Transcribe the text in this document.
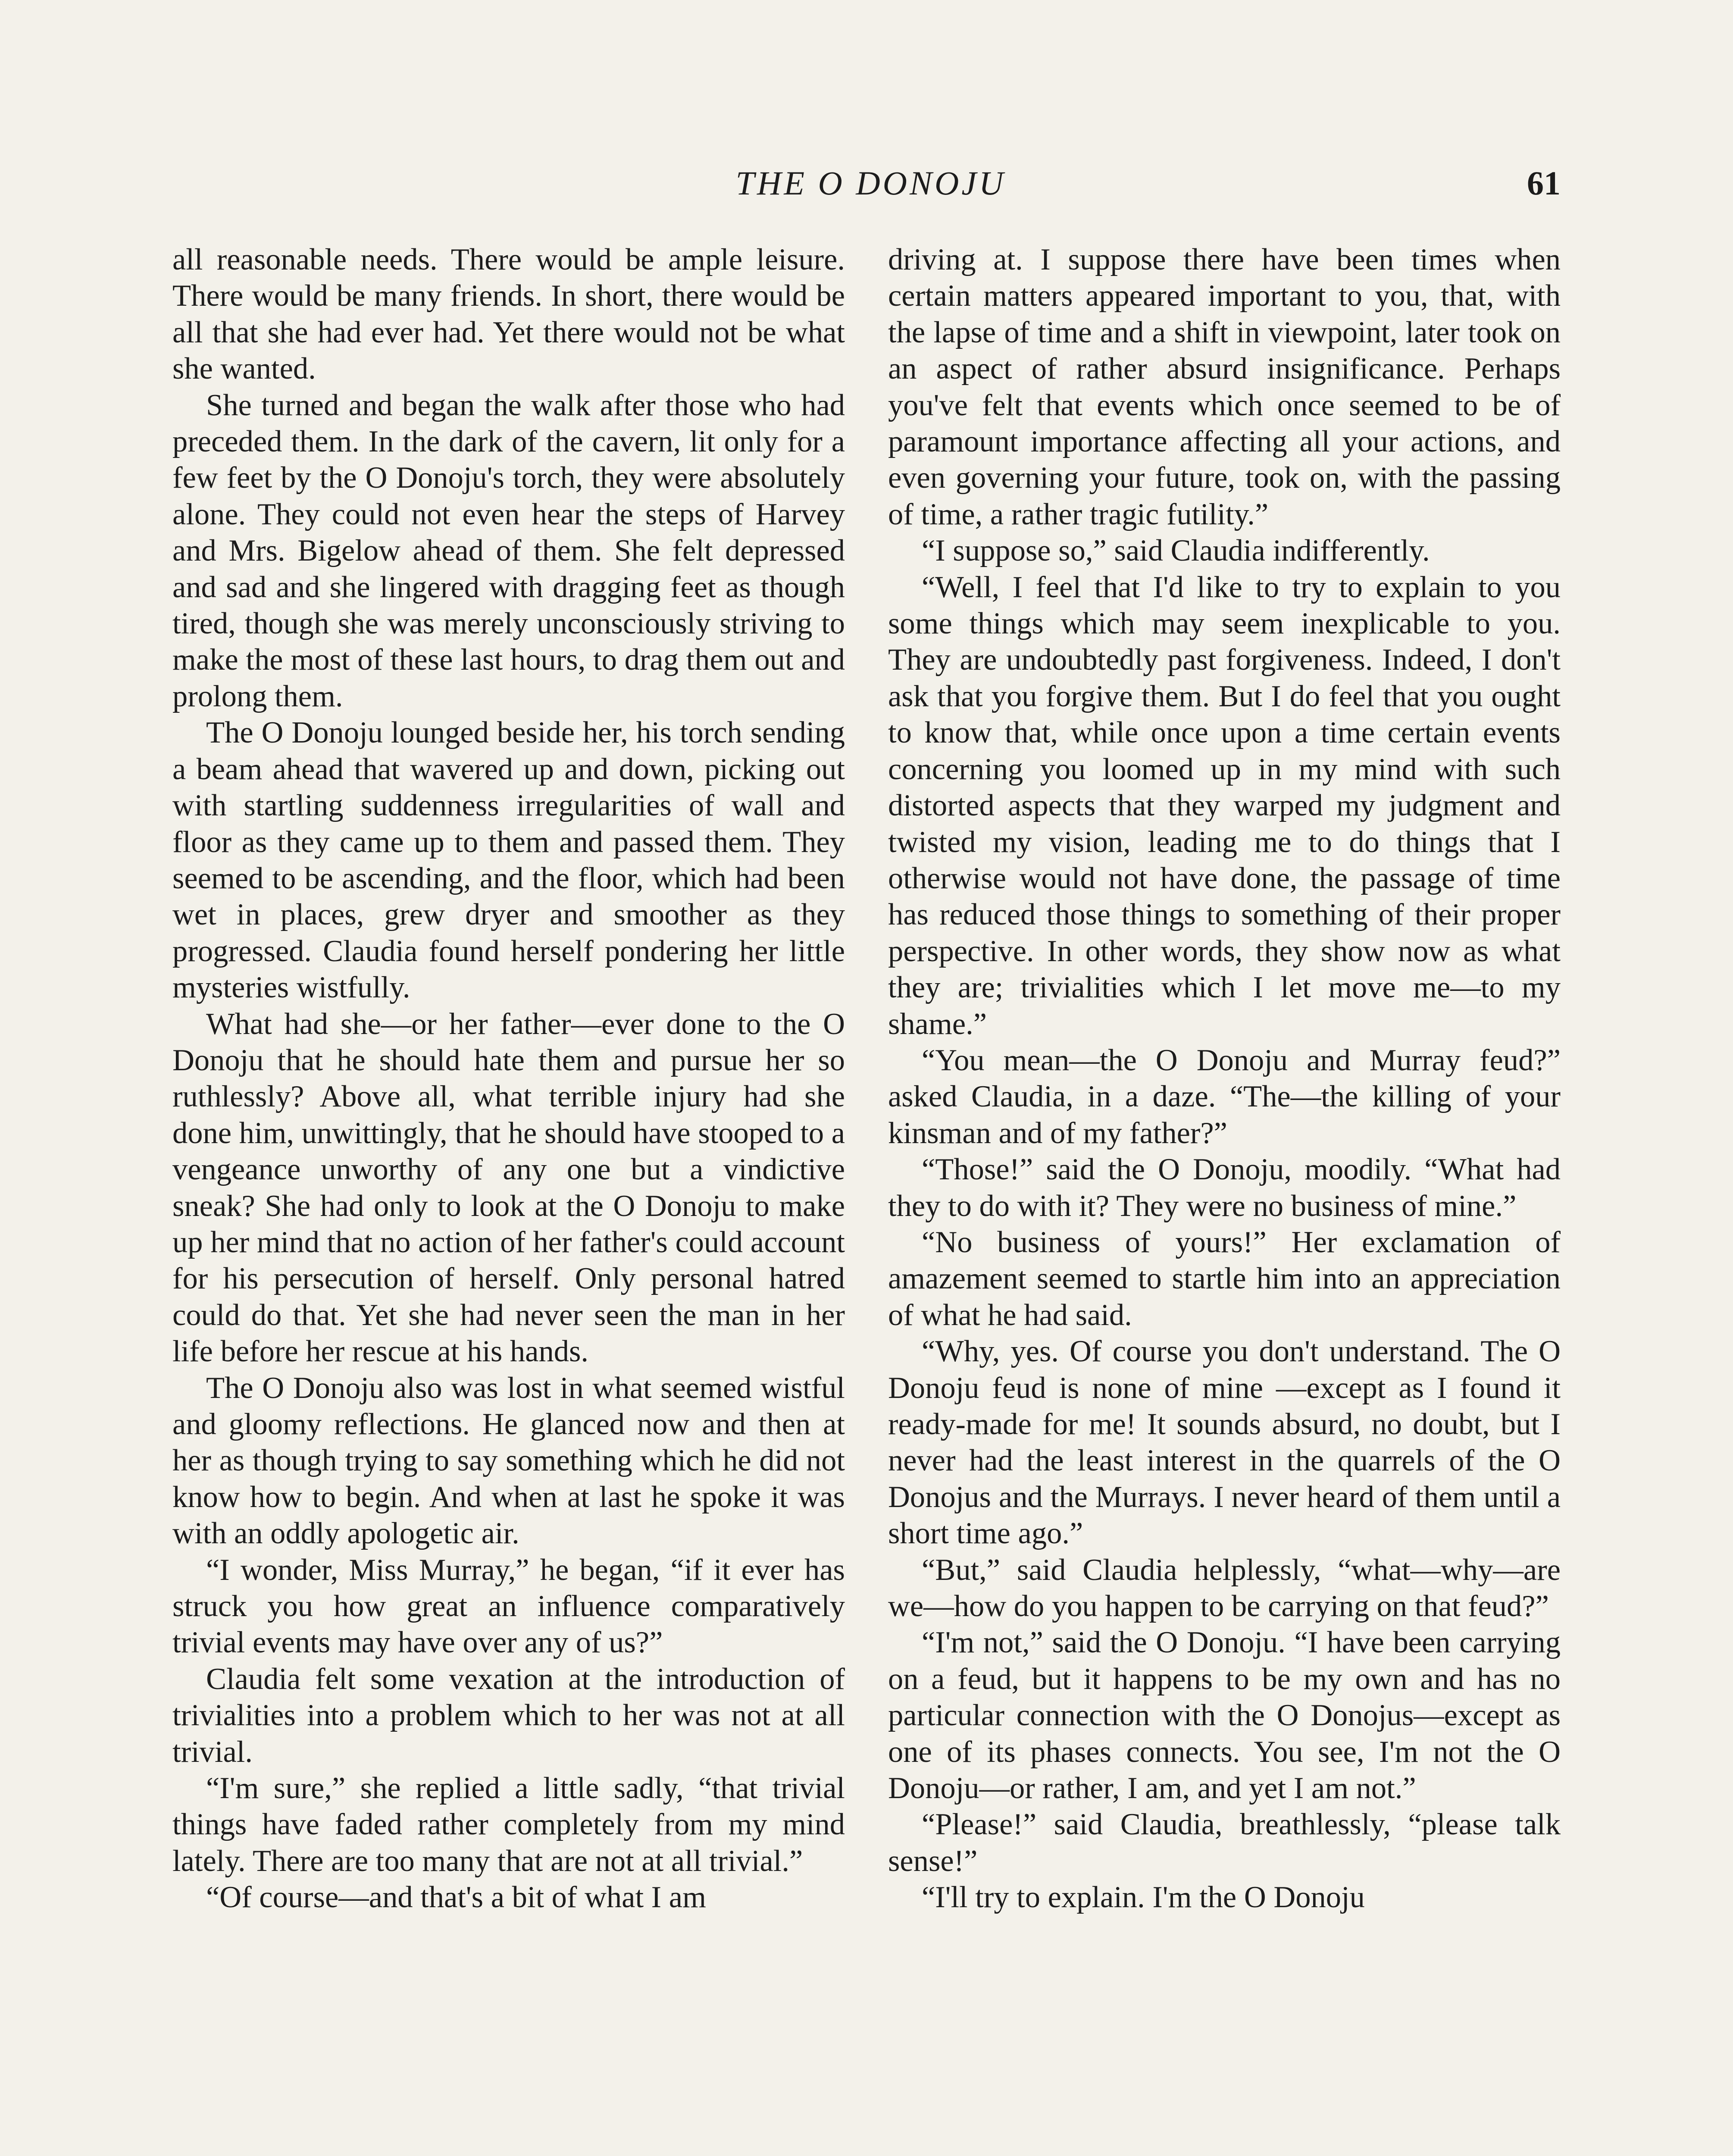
THE O DONOJU	61

all reasonable needs. There would be ample leisure. There would be many friends. In short, there would be all that she had ever had. Yet there would not be what she wanted.

She turned and began the walk after those who had preceded them. In the dark of the cavern, lit only for a few feet by the O Donoju's torch, they were absolutely alone. They could not even hear the steps of Harvey and Mrs. Bigelow ahead of them. She felt depressed and sad and she lingered with dragging feet as though tired, though she was merely unconsciously striving to make the most of these last hours, to drag them out and prolong them.

The O Donoju lounged beside her, his torch sending a beam ahead that wavered up and down, picking out with startling suddenness irregularities of wall and floor as they came up to them and passed them. They seemed to be ascending, and the floor, which had been wet in places, grew dryer and smoother as they progressed. Claudia found herself pondering her little mysteries wistfully.

What had she—or her father—ever done to the O Donoju that he should hate them and pursue her so ruthlessly? Above all, what terrible injury had she done him, unwittingly, that he should have stooped to a vengeance unworthy of any one but a vindictive sneak? She had only to look at the O Donoju to make up her mind that no action of her father's could account for his persecution of herself. Only personal hatred could do that. Yet she had never seen the man in her life before her rescue at his hands.

The O Donoju also was lost in what seemed wistful and gloomy reflections. He glanced now and then at her as though trying to say something which he did not know how to begin. And when at last he spoke it was with an oddly apologetic air.

“I wonder, Miss Murray,” he began, “if it ever has struck you how great an influence comparatively trivial events may have over any of us?”

Claudia felt some vexation at the introduction of trivialities into a problem which to her was not at all trivial.

“I'm sure,” she replied a little sadly, “that trivial things have faded rather completely from my mind lately. There are too many that are not at all trivial.”

“Of course—and that's a bit of what I am

driving at. I suppose there have been times when certain matters appeared important to you, that, with the lapse of time and a shift in viewpoint, later took on an aspect of rather absurd insignificance. Perhaps you've felt that events which once seemed to be of paramount importance affecting all your actions, and even governing your future, took on, with the passing of time, a rather tragic futility.”

“I suppose so,” said Claudia indifferently.

“Well, I feel that I'd like to try to explain to you some things which may seem inexplicable to you. They are undoubtedly past forgiveness. Indeed, I don't ask that you forgive them. But I do feel that you ought to know that, while once upon a time certain events concerning you loomed up in my mind with such distorted aspects that they warped my judgment and twisted my vision, leading me to do things that I otherwise would not have done, the passage of time has reduced those things to something of their proper perspective. In other words, they show now as what they are; trivialities which I let move me—to my shame.”

“You mean—the O Donoju and Murray feud?” asked Claudia, in a daze. “The—the killing of your kinsman and of my father?”

“Those!” said the O Donoju, moodily. “What had they to do with it? They were no business of mine.”

“No business of yours!” Her exclamation of amazement seemed to startle him into an appreciation of what he had said.

“Why, yes. Of course you don't understand. The O Donoju feud is none of mine —except as I found it ready-made for me! It sounds absurd, no doubt, but I never had the least interest in the quarrels of the O Donojus and the Murrays. I never heard of them until a short time ago.”

“But,” said Claudia helplessly, “what—why—are we—how do you happen to be carrying on that feud?”

“I'm not,” said the O Donoju. “I have been carrying on a feud, but it happens to be my own and has no particular connection with the O Donojus—except as one of its phases connects. You see, I'm not the O Donoju—or rather, I am, and yet I am not.”

“Please!” said Claudia, breathlessly, “please talk sense!”

“I'll try to explain. I'm the O Donoju
